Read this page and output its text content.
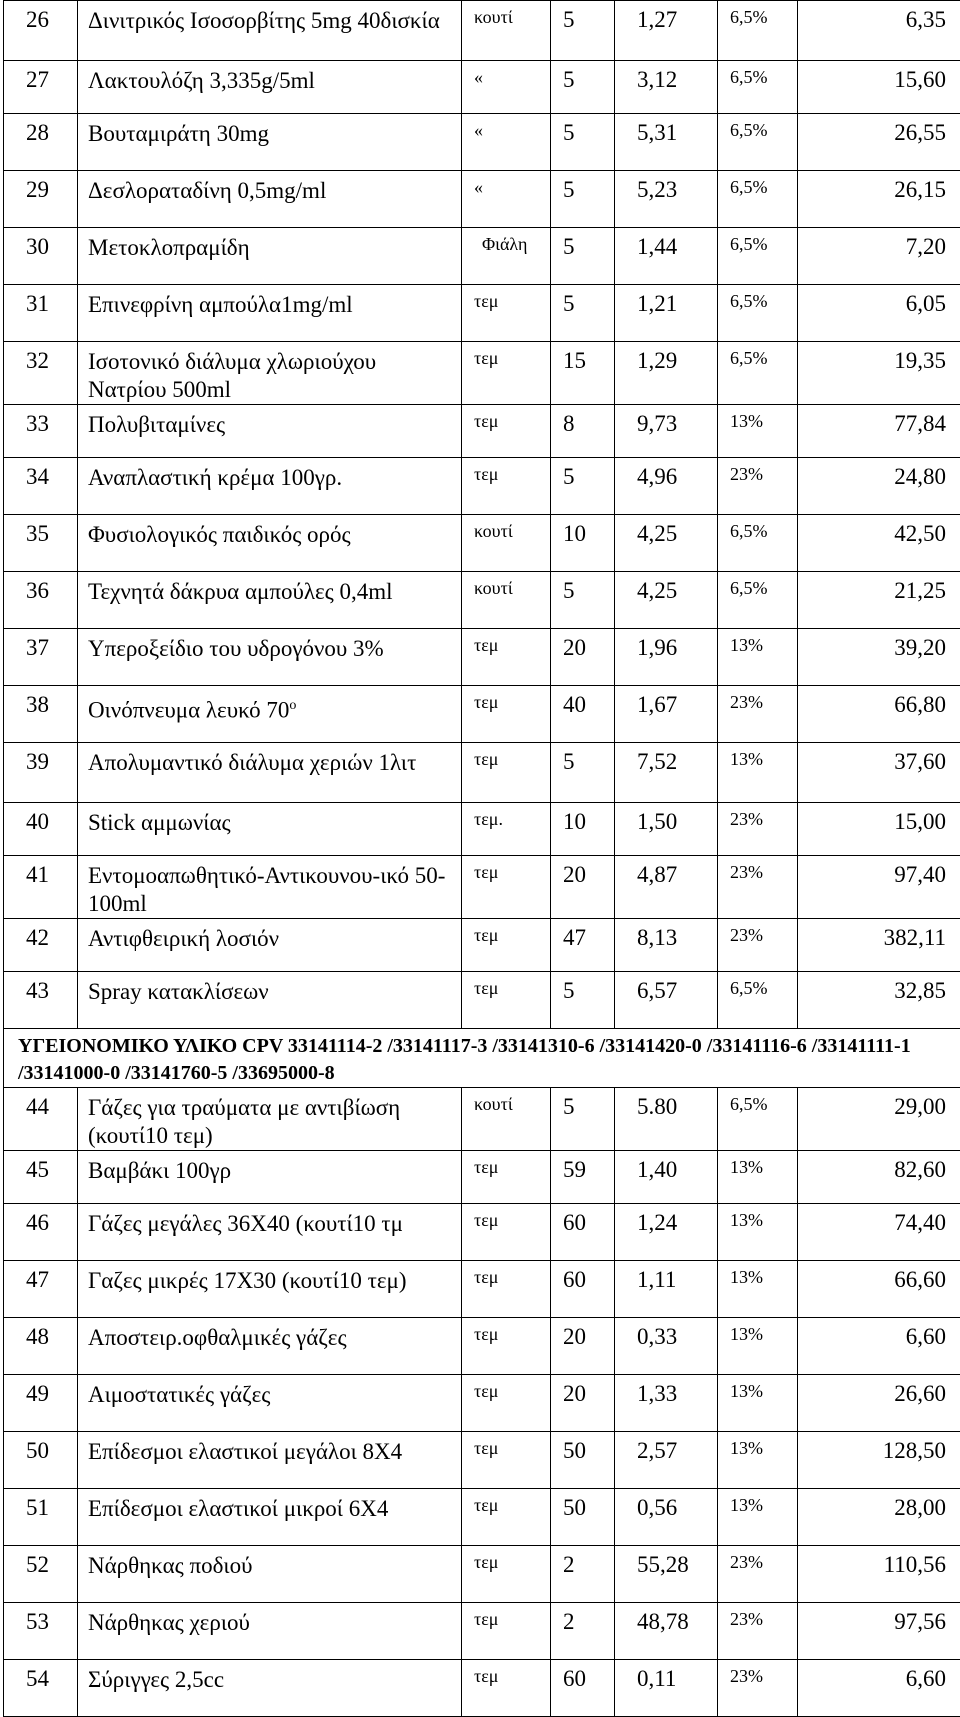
26	Δινιτρικός Ισοσορβίτης 5mg 40δισκία	κουτί	5	1,27	6,5%	6,35
27	Λακτουλόζη 3,335g/5ml	«	5	3,12	6,5%	15,60
28	Βουταμιράτη 30mg	«	5	5,31	6,5%	26,55
29	Δεσλοραταδίνη 0,5mg/ml	«	5	5,23	6,5%	26,15
30	Μετοκλοπραμίδη	Φιάλη	5	1,44	6,5%	7,20
31	Επινεφρίνη αμπούλα1mg/ml	τεμ	5	1,21	6,5%	6,05
32	Ισοτονικό διάλυμα χλωριούχου Νατρίου 500ml	τεμ	15	1,29	6,5%	19,35
33	Πολυβιταμίνες	τεμ	8	9,73	13%	77,84
34	Αναπλαστική κρέμα 100γρ.	τεμ	5	4,96	23%	24,80
35	Φυσιολογικός παιδικός ορός	κουτί	10	4,25	6,5%	42,50
36	Τεχνητά δάκρυα αμπούλες 0,4ml	κουτί	5	4,25	6,5%	21,25
37	Υπεροξείδιο του υδρογόνου 3%	τεμ	20	1,96	13%	39,20
38	Οινόπνευμα λευκό $70^o$	τεμ	40	1,67	23%	66,80
39	Απολυμαντικό διάλυμα χεριών 1λιτ	τεμ	5	7,52	13%	37,60
40	Stick αμμωνίας	τεμ.	10	1,50	23%	15,00
41	Εντομοαπωθητικό-Αντικουνου-ικό 50-100ml	τεμ	20	4,87	23%	97,40
42	Αντιφθειρική λοσιόν	τεμ	47	8,13	23%	382,11
43	Spray κατακλίσεων	τεμ	5	6,57	6,5%	32,85
ΥΓΕΙΟΝΟΜΙΚΟ ΥΛΙΚΟ CPV 33141114-2 /33141117-3 /33141310-6 /33141420-0 /33141116-6 /33141111-1 /33141000-0 /33141760-5 /33695000-8						
44	Γάζες για τραύματα με αντιβίωση (κουτί10 τεμ)	κουτί	5	5.80	6,5%	29,00
45	Βαμβάκι 100γρ	τεμ	59	1,40	13%	82,60
46	Γάζες μεγάλες 36Χ40 (κουτί10 τμ	τεμ	60	1,24	13%	74,40
47	Γαζες μικρές 17Χ30 (κουτί10 τεμ)	τεμ	60	1,11	13%	66,60
48	Αποστειρ.οφθαλμικές γάζες	τεμ	20	0,33	13%	6,60
49	Αιμοστατικές γάζες	τεμ	20	1,33	13%	26,60
50	Επίδεσμοι ελαστικοί μεγάλοι 8Χ4	τεμ	50	2,57	13%	128,50
51	Επίδεσμοι ελαστικοί μικροί 6Χ4	τεμ	50	0,56	13%	28,00
52	Νάρθηκας ποδιού	τεμ	2	55,28	23%	110,56
53	Νάρθηκας χεριού	τεμ	2	48,78	23%	97,56
54	Σύριγγες 2,5cc	τεμ	60	0,11	23%	6,60
